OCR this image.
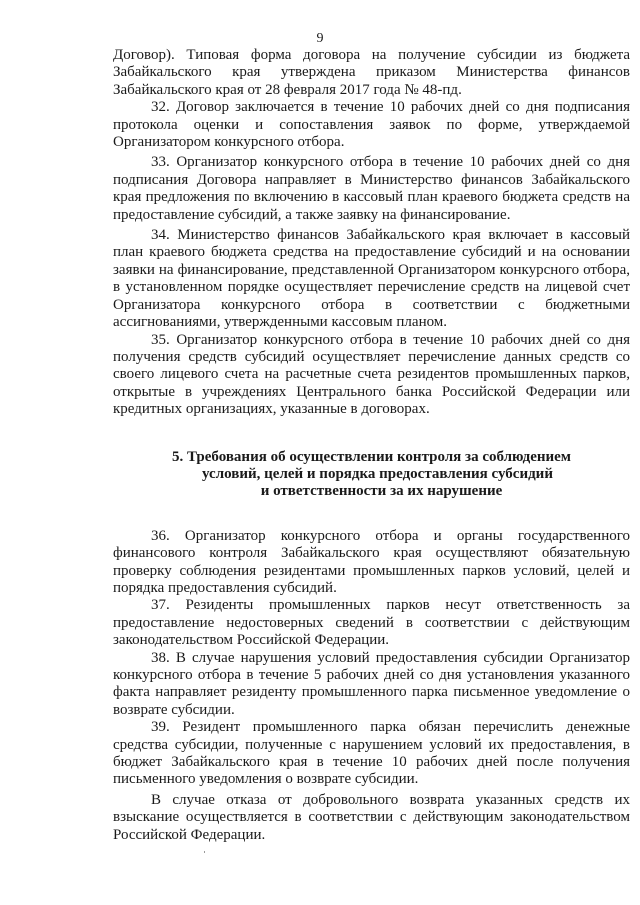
9

Договор). Типовая форма договора на получение субсидии из бюджета Забайкальского края утверждена приказом Министерства финансов Забайкальского края от 28 февраля 2017 года № 48-пд.

32. Договор заключается в течение 10 рабочих дней со дня подписания протокола оценки и сопоставления заявок по форме, утверждаемой Организатором конкурсного отбора.

33. Организатор конкурсного отбора в течение 10 рабочих дней со дня подписания Договора направляет в Министерство финансов Забайкальского края предложения по включению в кассовый план краевого бюджета средств на предоставление субсидий, а также заявку на финансирование.

34. Министерство финансов Забайкальского края включает в кассовый план краевого бюджета средства на предоставление субсидий и на основании заявки на финансирование, представленной Организатором конкурсного отбора, в установленном порядке осуществляет перечисление средств на лицевой счет Организатора конкурсного отбора в соответствии с бюджетными ассигнованиями, утвержденными кассовым планом.

35. Организатор конкурсного отбора в течение 10 рабочих дней со дня получения средств субсидий осуществляет перечисление данных средств со своего лицевого счета на расчетные счета резидентов промышленных парков, открытые в учреждениях Центрального банка Российской Федерации или кредитных организациях, указанные в договорах.

5. Требования об осуществлении контроля за соблюдением
условий, целей и порядка предоставления субсидий
и ответственности за их нарушение

36. Организатор конкурсного отбора и органы государственного финансового контроля Забайкальского края осуществляют обязательную проверку соблюдения резидентами промышленных парков условий, целей и порядка предоставления субсидий.

37. Резиденты промышленных парков несут ответственность за предоставление недостоверных сведений в соответствии с действующим законодательством Российской Федерации.

38. В случае нарушения условий предоставления субсидии Организатор конкурсного отбора в течение 5 рабочих дней со дня установления указанного факта направляет резиденту промышленного парка письменное уведомление о возврате субсидии.

39. Резидент промышленного парка обязан перечислить денежные средства субсидии, полученные с нарушением условий их предоставления, в бюджет Забайкальского края в течение 10 рабочих дней после получения письменного уведомления о возврате субсидии.

В случае отказа от добровольного возврата указанных средств их взыскание осуществляется в соответствии с действующим законодательством Российской Федерации.
